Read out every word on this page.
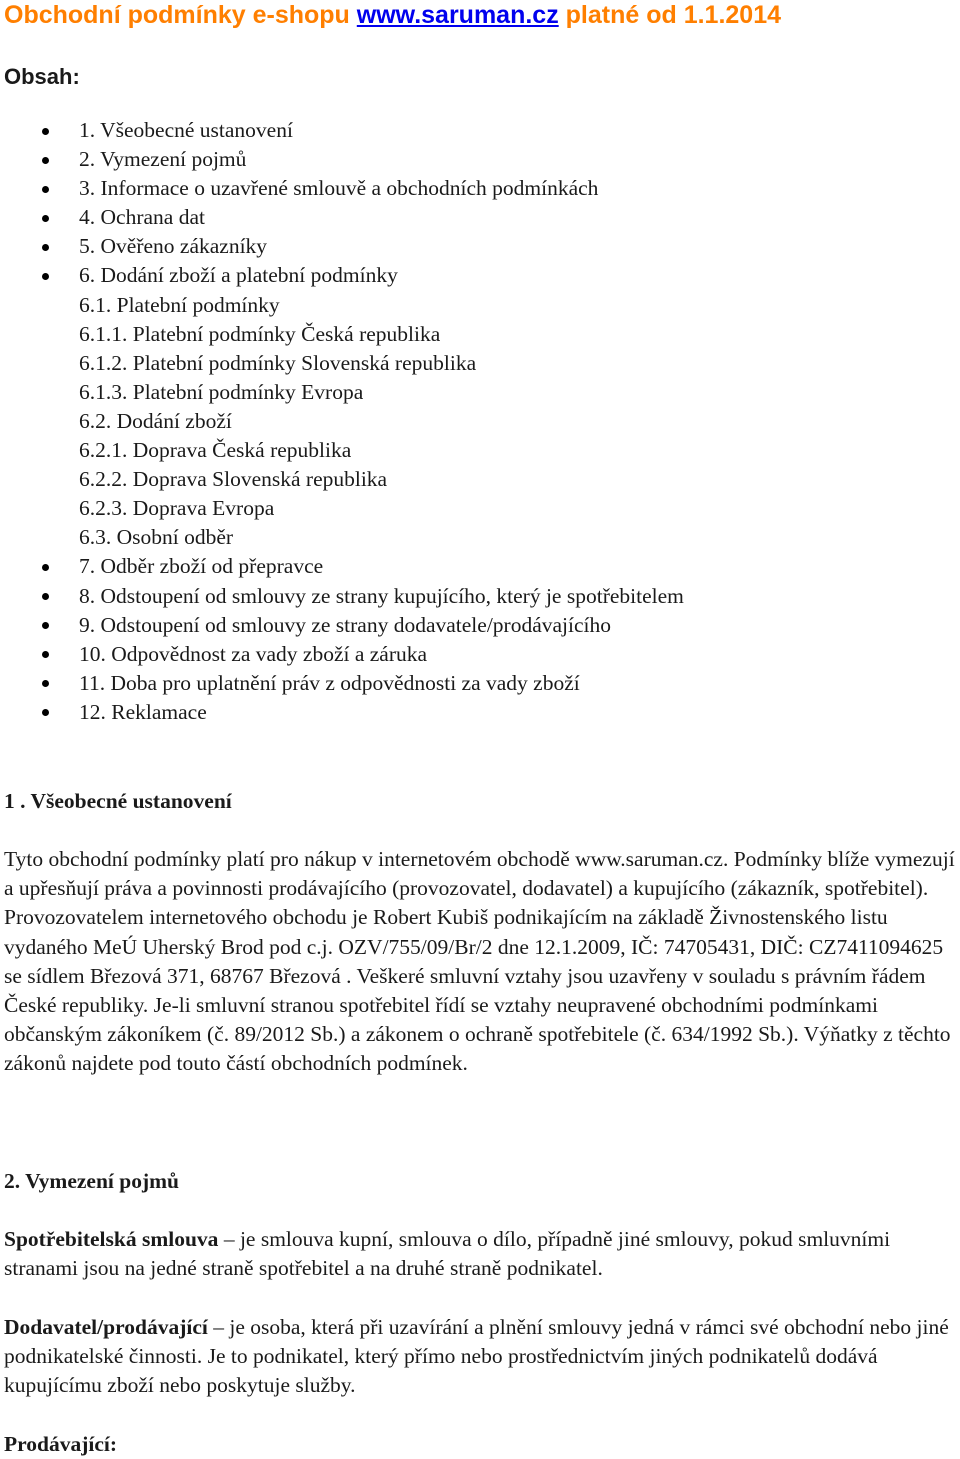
Obchodní podmínky e-shopu www.saruman.cz platné od 1.1.2014
Obsah:
1. Všeobecné ustanovení
2. Vymezení pojmů
3. Informace o uzavřené smlouvě a obchodních podmínkách
4. Ochrana dat
5. Ověřeno zákazníky
6. Dodání zboží a platební podmínky
6.1. Platební podmínky
6.1.1. Platební podmínky Česká republika
6.1.2. Platební podmínky Slovenská republika
6.1.3. Platební podmínky Evropa
6.2. Dodání zboží
6.2.1. Doprava Česká republika
6.2.2. Doprava Slovenská republika
6.2.3. Doprava Evropa
6.3. Osobní odběr
7. Odběr zboží od přepravce
8. Odstoupení od smlouvy ze strany kupujícího, který je spotřebitelem
9. Odstoupení od smlouvy ze strany dodavatele/prodávajícího
10. Odpovědnost za vady zboží a záruka
11. Doba pro uplatnění práv z odpovědnosti za vady zboží
12. Reklamace
1 . Všeobecné ustanovení

Tyto obchodní podmínky platí pro nákup v internetovém obchodě www.saruman.cz. Podmínky blíže vymezují a upřesňují práva a povinnosti prodávajícího (provozovatel, dodavatel) a kupujícího (zákazník, spotřebitel). Provozovatelem internetového obchodu je Robert Kubiš podnikajícím na základě Živnostenského listu vydaného MeÚ Uherský Brod pod c.j. OZV/755/09/Br/2 dne 12.1.2009, IČ: 74705431, DIČ: CZ7411094625 se sídlem Březová 371, 68767 Březová . Veškeré smluvní vztahy jsou uzavřeny v souladu s právním řádem České republiky. Je-li smluvní stranou spotřebitel řídí se vztahy neupravené obchodními podmínkami občanským zákoníkem (č. 89/2012 Sb.) a zákonem o ochraně spotřebitele (č. 634/1992 Sb.). Výňatky z těchto zákonů najdete pod touto částí obchodních podmínek.

2. Vymezení pojmů

Spotřebitelská smlouva – je smlouva kupní, smlouva o dílo, případně jiné smlouvy, pokud smluvními stranami jsou na jedné straně spotřebitel a na druhé straně podnikatel.

Dodavatel/prodávající – je osoba, která při uzavírání a plnění smlouvy jedná v rámci své obchodní nebo jiné podnikatelské činnosti. Je to podnikatel, který přímo nebo prostřednictvím jiných podnikatelů dodává kupujícímu zboží nebo poskytuje služby.

Prodávající:
